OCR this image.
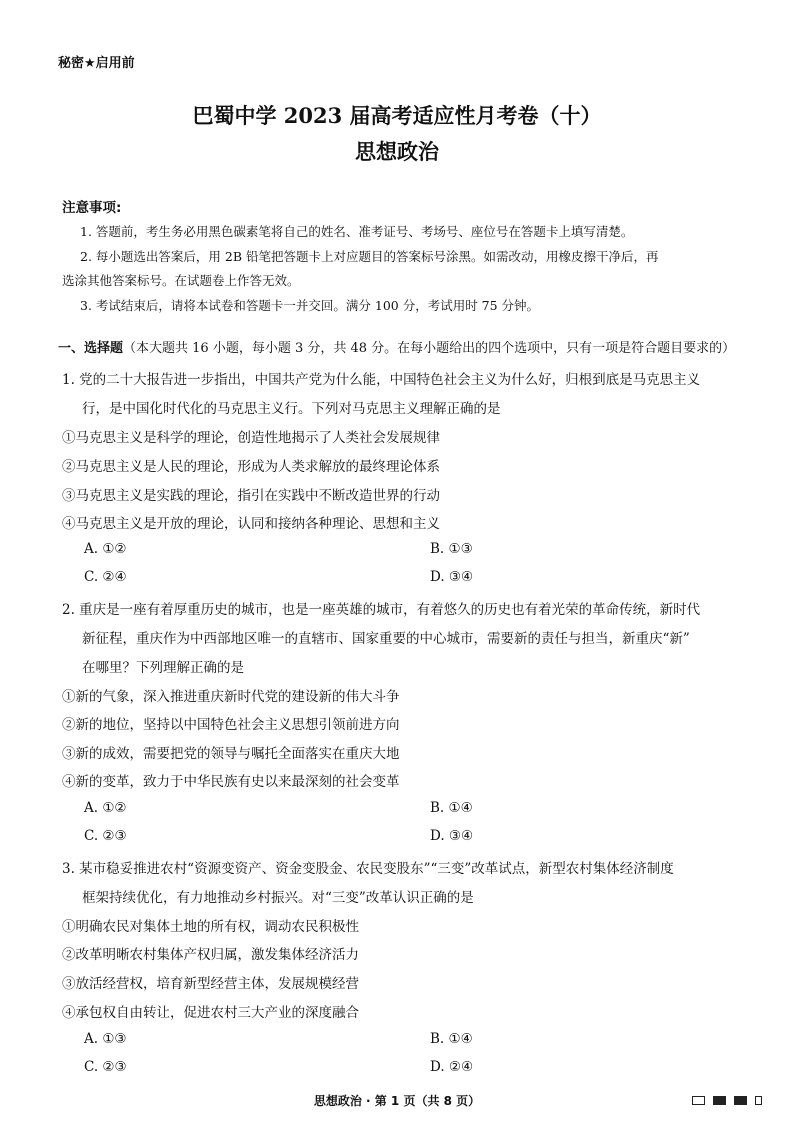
秘密★启用前
巴蜀中学 2023 届高考适应性月考卷（十）
思想政治
注意事项:
1. 答题前，考生务必用黑色碳素笔将自己的姓名、准考证号、考场号、座位号在答题卡上填写清楚。
2. 每小题选出答案后，用 2B 铅笔把答题卡上对应题目的答案标号涂黑。如需改动，用橡皮擦干净后，再
选涂其他答案标号。在试题卷上作答无效。
3. 考试结束后，请将本试卷和答题卡一并交回。满分 100 分，考试用时 75 分钟。
一、选择题（本大题共 16 小题，每小题 3 分，共 48 分。在每小题给出的四个选项中，只有一项是符合题目要求的）
1. 党的二十大报告进一步指出，中国共产党为什么能，中国特色社会主义为什么好，归根到底是马克思主义
行，是中国化时代化的马克思主义行。下列对马克思主义理解正确的是
①马克思主义是科学的理论，创造性地揭示了人类社会发展规律
②马克思主义是人民的理论，形成为人类求解放的最终理论体系
③马克思主义是实践的理论，指引在实践中不断改造世界的行动
④马克思主义是开放的理论，认同和接纳各种理论、思想和主义
A. ①②	B. ①③
C. ②④	D. ③④
2. 重庆是一座有着厚重历史的城市，也是一座英雄的城市，有着悠久的历史也有着光荣的革命传统，新时代
新征程，重庆作为中西部地区唯一的直辖市、国家重要的中心城市，需要新的责任与担当，新重庆“新”
在哪里？下列理解正确的是
①新的气象，深入推进重庆新时代党的建设新的伟大斗争
②新的地位，坚持以中国特色社会主义思想引领前进方向
③新的成效，需要把党的领导与嘱托全面落实在重庆大地
④新的变革，致力于中华民族有史以来最深刻的社会变革
A. ①②	B. ①④
C. ②③	D. ③④
3. 某市稳妥推进农村“资源变资产、资金变股金、农民变股东”“三变”改革试点，新型农村集体经济制度
框架持续优化，有力地推动乡村振兴。对“三变”改革认识正确的是
①明确农民对集体土地的所有权，调动农民积极性
②改革明晰农村集体产权归属，激发集体经济活力
③放活经营权，培育新型经营主体，发展规模经营
④承包权自由转让，促进农村三大产业的深度融合
A. ①③	B. ①④
C. ②③	D. ②④
思想政治 · 第 1 页（共 8 页）
